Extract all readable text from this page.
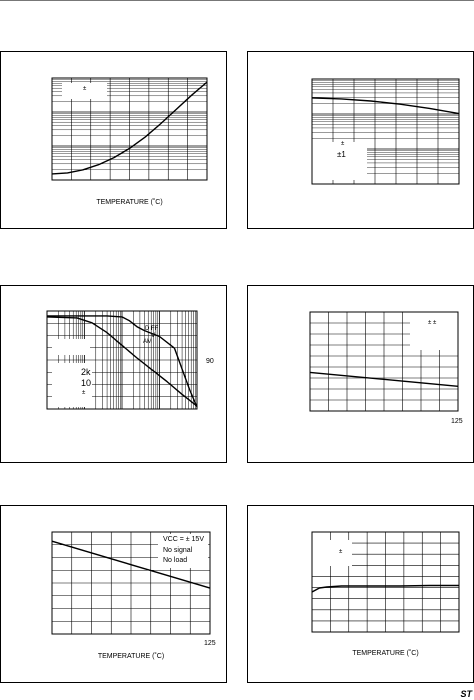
±
TEMPERATURE (˚C)
±
±1
D FF
V
AM
2k
10
±
90
± ±
125
VCC = ± 15V
No signal
No load
125
TEMPERATURE (˚C)
±
TEMPERATURE (˚C)
ST
